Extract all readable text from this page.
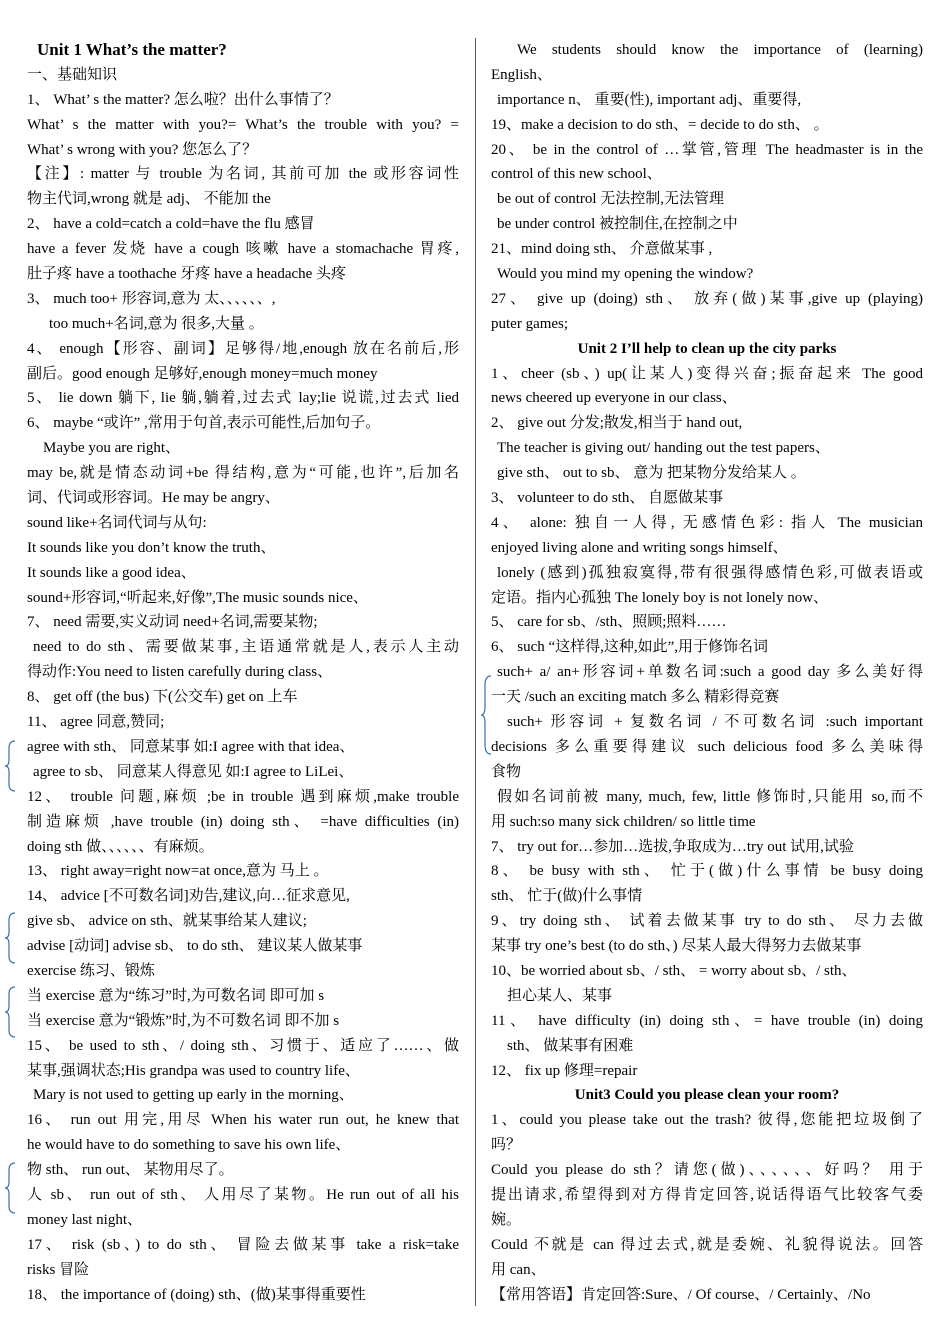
Unit 1 What’s the matter?
一、基础知识
1、 What’ s the matter? 怎么啦？出什么事情了？
What’ s the matter with you?= What’s the trouble with you? =
What’ s wrong with you? 您怎么了？
【注】: matter 与 trouble 为名词, 其前可加 the 或形容词性
物主代词,wrong 就是 adj、 不能加 the
2、 have a cold=catch a cold=have the flu 感冒
have a fever 发烧 have a cough 咳嗽 have a stomachache 胃疼,
肚子疼 have a toothache 牙疼 have a headache 头疼
3、 much too+ 形容词,意为 太、、、、、、,
too much+名词,意为 很多,大量 。
4、 enough【形容、副词】足够得/地,enough 放在名前后,形
副后。good enough 足够好,enough money=much money
5、 lie down 躺下, lie 躺,躺着,过去式 lay;lie 说谎,过去式 lied
6、 maybe “或许” ,常用于句首,表示可能性,后加句子。
Maybe you are right、
may be,就是情态动词+be 得结构,意为“可能,也许”,后加名
词、代词或形容词。He may be angry、
sound like+名词代词与从句:
It sounds like you don’t know the truth、
It sounds like a good idea、
sound+形容词,“听起来,好像”,The music sounds nice、
7、 need 需要,实义动词 need+名词,需要某物;
need to do sth、需要做某事,主语通常就是人,表示人主动
得动作:You need to listen carefully during class、
8、 get off (the bus) 下(公交车) get on 上车
11、 agree 同意,赞同;
agree with sth、 同意某事 如:I agree with that idea、
agree to sb、 同意某人得意见 如:I agree to LiLei、
12、 trouble 问题,麻烦 ;be in trouble 遇到麻烦,make trouble
制造麻烦 ,have trouble (in) doing sth、 =have difficulties (in)
doing sth 做、、、、、、有麻烦。
13、 right away=right now=at once,意为 马上 。
14、 advice [不可数名词]劝告,建议,向…征求意见,
give sb、 advice on sth、就某事给某人建议;
advise [动词] advise sb、 to do sth、 建议某人做某事
exercise 练习、锻炼
当 exercise 意为“练习”时,为可数名词 即可加 s
当 exercise 意为“锻炼”时,为不可数名词 即不加 s
15、 be used to sth、/ doing sth、习惯于、适应了……、做
某事,强调状态;His grandpa was used to country life、
Mary is not used to getting up early in the morning、
16、 run out 用完,用尽 When his water run out, he knew that
he would have to do something to save his own life、
物 sth、 run out、 某物用尽了。
人 sb、 run out of sth、 人用尽了某物。He run out of all his
money last night、
17、 risk (sb、) to do sth、 冒险去做某事 take a risk=take
risks 冒险
18、 the importance of (doing) sth、(做)某事得重要性
We students should know the importance of (learning)
English、
importance n、 重要(性), important adj、重要得,
19、make a decision to do sth、= decide to do sth、 。
20、 be in the control of …掌管,管理 The headmaster is in the
control of this new school、
be out of control 无法控制,无法管理
be under control 被控制住,在控制之中
21、mind doing sth、 介意做某事 ,
Would you mind my opening the window?
27、 give up (doing) sth、 放弃(做)某事,give up (playing)
puter games;
Unit 2 I’ll help to clean up the city parks
1、cheer (sb、) up(让某人)变得兴奋;振奋起来 The good
news cheered up everyone in our class、
2、 give out 分发;散发,相当于 hand out,
The teacher is giving out/ handing out the test papers、
give sth、 out to sb、 意为 把某物分发给某人 。
3、 volunteer to do sth、 自愿做某事
4、 alone: 独自一人得, 无感情色彩: 指人 The musician
enjoyed living alone and writing songs himself、
lonely (感到)孤独寂寞得,带有很强得感情色彩,可做表语或
定语。指内心孤独 The lonely boy is not lonely now、
5、 care for sb、/sth、照顾;照料……
6、 such “这样得,这种,如此”,用于修饰名词
such+ a/ an+形容词+单数名词:such a good day 多么美好得
一天 /such an exciting match 多么 精彩得竞赛
such+ 形容词 + 复数名词 / 不可数名词 :such important
decisions 多么重要得建议 such delicious food 多么美味得
食物
假如名词前被 many, much, few, little 修饰时,只能用 so,而不
用 such:so many sick children/ so little time
7、 try out for…参加…选拔,争取成为…try out 试用,试验
8、 be busy with sth、 忙于(做)什么事情 be busy doing
sth、 忙于(做)什么事情
9、try doing sth、 试着去做某事 try to do sth、 尽力去做
某事 try one’s best (to do sth、) 尽某人最大得努力去做某事
10、be worried about sb、/ sth、 = worry about sb、/ sth、
担心某人、某事
11、 have difficulty (in) doing sth、= have trouble (in) doing
sth、 做某事有困难
12、 fix up 修理=repair
Unit3 Could you please clean your room?
1、could you please take out the trash? 彼得,您能把垃圾倒了
吗？
Could you please do sth？请您(做)、、、、、、好吗？ 用于
提出请求,希望得到对方得肯定回答,说话得语气比较客气委
婉。
Could 不就是 can 得过去式,就是委婉、礼貌得说法。回答
用 can、
【常用答语】肯定回答:Sure、/ Of course、/ Certainly、/No
